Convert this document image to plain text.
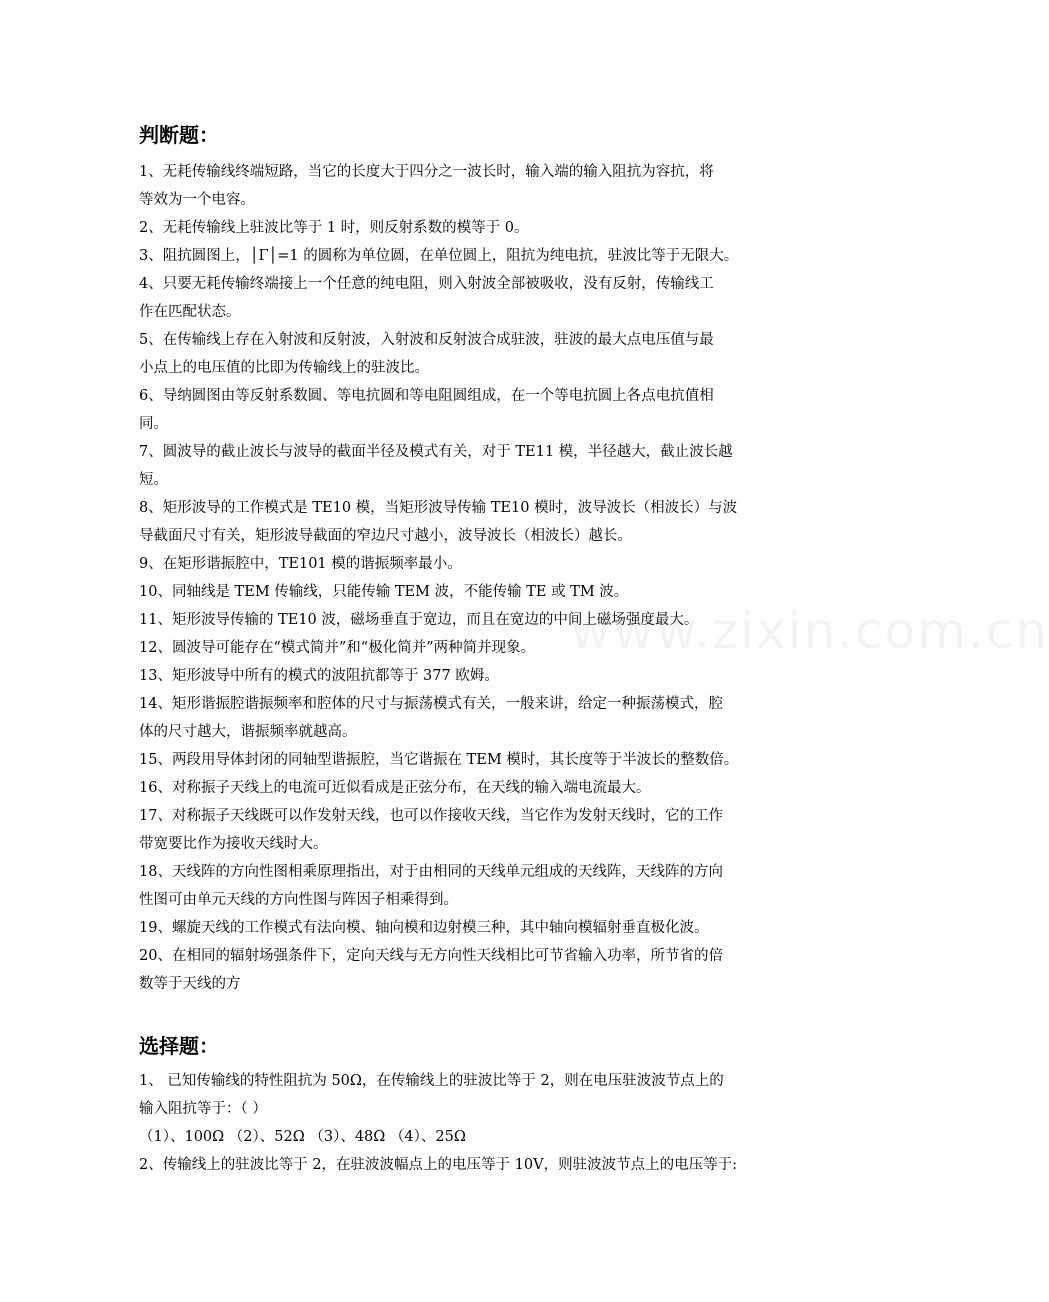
www.zixin.com.cn
判断题：
1、无耗传输线终端短路，当它的长度大于四分之一波长时，输入端的输入阻抗为容抗，将
等效为一个电容。
2、无耗传输线上驻波比等于 1 时，则反射系数的模等于 0。
3、阻抗圆图上，│Γ│=1 的圆称为单位圆，在单位圆上，阻抗为纯电抗，驻波比等于无限大。
4、只要无耗传输终端接上一个任意的纯电阻，则入射波全部被吸收，没有反射，传输线工
作在匹配状态。
5、在传输线上存在入射波和反射波，入射波和反射波合成驻波，驻波的最大点电压值与最
小点上的电压值的比即为传输线上的驻波比。
6、导纳圆图由等反射系数圆、等电抗圆和等电阻圆组成，在一个等电抗圆上各点电抗值相
同。
7、圆波导的截止波长与波导的截面半径及模式有关，对于 TE11 模，半径越大，截止波长越
短。
8、矩形波导的工作模式是 TE10 模，当矩形波导传输 TE10 模时，波导波长（相波长）与波
导截面尺寸有关，矩形波导截面的窄边尺寸越小，波导波长（相波长）越长。
9、在矩形谐振腔中，TE101 模的谐振频率最小。
10、同轴线是 TEM 传输线，只能传输 TEM 波，不能传输 TE 或 TM 波。
11、矩形波导传输的 TE10 波，磁场垂直于宽边，而且在宽边的中间上磁场强度最大。
12、圆波导可能存在“模式简并”和“极化简并”两种简并现象。
13、矩形波导中所有的模式的波阻抗都等于 377 欧姆。
14、矩形谐振腔谐振频率和腔体的尺寸与振荡模式有关，一般来讲，给定一种振荡模式，腔
体的尺寸越大，谐振频率就越高。
15、两段用导体封闭的同轴型谐振腔，当它谐振在 TEM 模时，其长度等于半波长的整数倍。
16、对称振子天线上的电流可近似看成是正弦分布，在天线的输入端电流最大。
17、对称振子天线既可以作发射天线，也可以作接收天线，当它作为发射天线时，它的工作
带宽要比作为接收天线时大。
18、天线阵的方向性图相乘原理指出，对于由相同的天线单元组成的天线阵，天线阵的方向
性图可由单元天线的方向性图与阵因子相乘得到。
19、螺旋天线的工作模式有法向模、轴向模和边射模三种，其中轴向模辐射垂直极化波。
20、在相同的辐射场强条件下，定向天线与无方向性天线相比可节省输入功率，所节省的倍
数等于天线的方
选择题：
1、 已知传输线的特性阻抗为 50Ω，在传输线上的驻波比等于 2，则在电压驻波波节点上的
输入阻抗等于：（ ）
（1）、100Ω （2）、52Ω （3）、48Ω （4）、25Ω
2、传输线上的驻波比等于 2，在驻波波幅点上的电压等于 10V，则驻波波节点上的电压等于:
